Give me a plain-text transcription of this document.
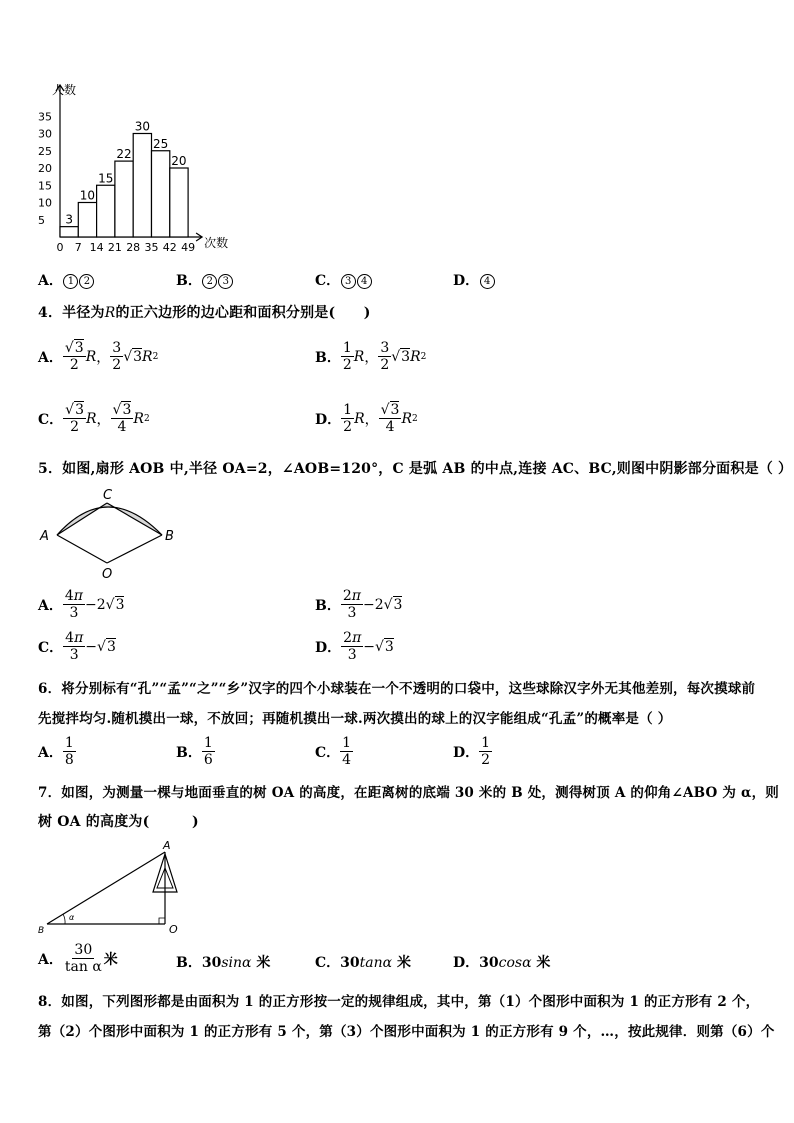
人数
次数
5
10
15
20
25
30
35
0 7 14 21 28 35 42 49
3
10
15
22
30
25
20
A． 1 2	B． 2 3	C． 3 4	D． 4
4．半径为R的正六边形的边心距和面积分别是(　　)
A． $\frac{√3}{2}$ R ， $\frac{3}{2} √3$ R 2	B． $\frac{1}{2}$ R ， $\frac{3}{2} √3$ R 2
C． $\frac{√3}{2}$ R ， $\frac{√3}{4}$ R 2	D． $\frac{1}{2}$ R ， $\frac{√3}{4}$ R 2
5．如图,扇形 AOB 中,半径 OA=2，∠AOB=120°，C 是弧 AB 的中点,连接 AC、BC,则图中阴影部分面积是（ ）
A	B
C
O
A． $\frac{4\pi}{3} -2√3$	B． $\frac{2\pi}{3} -2√3$
C． $\frac{4\pi}{3} -√3$	D． $\frac{2\pi}{3} -√3$
6．将分别标有“孔”“孟”“之”“乡”汉字的四个小球装在一个不透明的口袋中，这些球除汉字外无其他差别，每次摸球前
先搅拌均匀.随机摸出一球，不放回；再随机摸出一球.两次摸出的球上的汉字能组成“孔孟”的概率是（ ）
A． $\frac{1}{8}$	B． $\frac{1}{6}$	C． $\frac{1}{4}$	D． $\frac{1}{2}$
7．如图，为测量一棵与地面垂直的树 OA 的高度，在距离树的底端 30 米的 B 处，测得树顶 A 的仰角∠ABO 为 α，则
树 OA 的高度为(　　　)
A
B	O
α
A． $\frac{30}{\text{tan α}}$ 米	B．30sinα 米	C．30tanα 米	D．30cosα 米
8．如图，下列图形都是由面积为 1 的正方形按一定的规律组成，其中，第（1）个图形中面积为 1 的正方形有 2 个，
第（2）个图形中面积为 1 的正方形有 5 个，第（3）个图形中面积为 1 的正方形有 9 个，…，按此规律．则第（6）个
